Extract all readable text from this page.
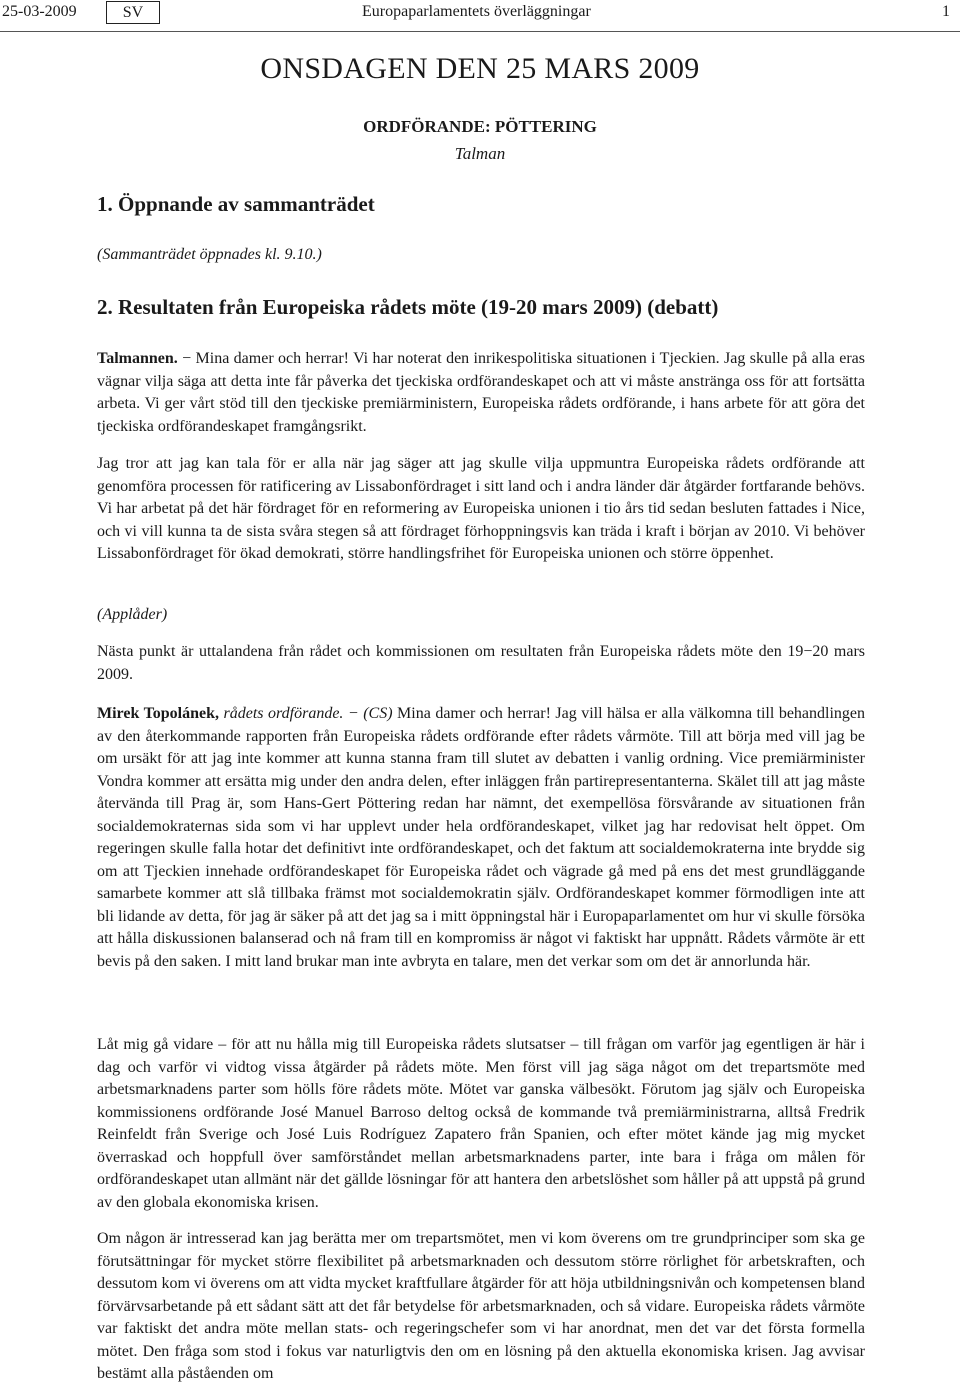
25-03-2009	SV	Europaparlamentets överläggningar	1
ONSDAGEN DEN 25 MARS 2009
ORDFÖRANDE: PÖTTERING
Talman
1. Öppnande av sammanträdet
(Sammanträdet öppnades kl. 9.10.)
2. Resultaten från Europeiska rådets möte (19-20 mars 2009) (debatt)

Talmannen. − Mina damer och herrar! Vi har noterat den inrikespolitiska situationen i Tjeckien. Jag skulle på alla eras vägnar vilja säga att detta inte får påverka det tjeckiska ordförandeskapet och att vi måste anstränga oss för att fortsätta arbeta. Vi ger vårt stöd till den tjeckiske premiärministern, Europeiska rådets ordförande, i hans arbete för att göra det tjeckiska ordförandeskapet framgångsrikt.

Jag tror att jag kan tala för er alla när jag säger att jag skulle vilja uppmuntra Europeiska rådets ordförande att genomföra processen för ratificering av Lissabonfördraget i sitt land och i andra länder där åtgärder fortfarande behövs. Vi har arbetat på det här fördraget för en reformering av Europeiska unionen i tio års tid sedan besluten fattades i Nice, och vi vill kunna ta de sista svåra stegen så att fördraget förhoppningsvis kan träda i kraft i början av 2010. Vi behöver Lissabonfördraget för ökad demokrati, större handlingsfrihet för Europeiska unionen och större öppenhet.

(Applåder)

Nästa punkt är uttalandena från rådet och kommissionen om resultaten från Europeiska rådets möte den 19−20 mars 2009.

Mirek Topolánek, rådets ordförande. − (CS) Mina damer och herrar! Jag vill hälsa er alla välkomna till behandlingen av den återkommande rapporten från Europeiska rådets ordförande efter rådets vårmöte. Till att börja med vill jag be om ursäkt för att jag inte kommer att kunna stanna fram till slutet av debatten i vanlig ordning. Vice premiärminister Vondra kommer att ersätta mig under den andra delen, efter inläggen från partirepresentanterna. Skälet till att jag måste återvända till Prag är, som Hans-Gert Pöttering redan har nämnt, det exempellösa försvårande av situationen från socialdemokraternas sida som vi har upplevt under hela ordförandeskapet, vilket jag har redovisat helt öppet. Om regeringen skulle falla hotar det definitivt inte ordförandeskapet, och det faktum att socialdemokraterna inte brydde sig om att Tjeckien innehade ordförandeskapet för Europeiska rådet och vägrade gå med på ens det mest grundläggande samarbete kommer att slå tillbaka främst mot socialdemokratin själv. Ordförandeskapet kommer förmodligen inte att bli lidande av detta, för jag är säker på att det jag sa i mitt öppningstal här i Europaparlamentet om hur vi skulle försöka att hålla diskussionen balanserad och nå fram till en kompromiss är något vi faktiskt har uppnått. Rådets vårmöte är ett bevis på den saken. I mitt land brukar man inte avbryta en talare, men det verkar som om det är annorlunda här.

Låt mig gå vidare – för att nu hålla mig till Europeiska rådets slutsatser – till frågan om varför jag egentligen är här i dag och varför vi vidtog vissa åtgärder på rådets möte. Men först vill jag säga något om det trepartsmöte med arbetsmarknadens parter som hölls före rådets möte. Mötet var ganska välbesökt. Förutom jag själv och Europeiska kommissionens ordförande José Manuel Barroso deltog också de kommande två premiärministrarna, alltså Fredrik Reinfeldt från Sverige och José Luis Rodríguez Zapatero från Spanien, och efter mötet kände jag mig mycket överraskad och hoppfull över samförståndet mellan arbetsmarknadens parter, inte bara i fråga om målen för ordförandeskapet utan allmänt när det gällde lösningar för att hantera den arbetslöshet som håller på att uppstå på grund av den globala ekonomiska krisen.

Om någon är intresserad kan jag berätta mer om trepartsmötet, men vi kom överens om tre grundprinciper som ska ge förutsättningar för mycket större flexibilitet på arbetsmarknaden och dessutom större rörlighet för arbetskraften, och dessutom kom vi överens om att vidta mycket kraftfullare åtgärder för att höja utbildningsnivån och kompetensen bland förvärvsarbetande på ett sådant sätt att det får betydelse för arbetsmarknaden, och så vidare. Europeiska rådets vårmöte var faktiskt det andra möte mellan stats- och regeringschefer som vi har anordnat, men det var det första formella mötet. Den fråga som stod i fokus var naturligtvis den om en lösning på den aktuella ekonomiska krisen. Jag avvisar bestämt alla påståenden om
